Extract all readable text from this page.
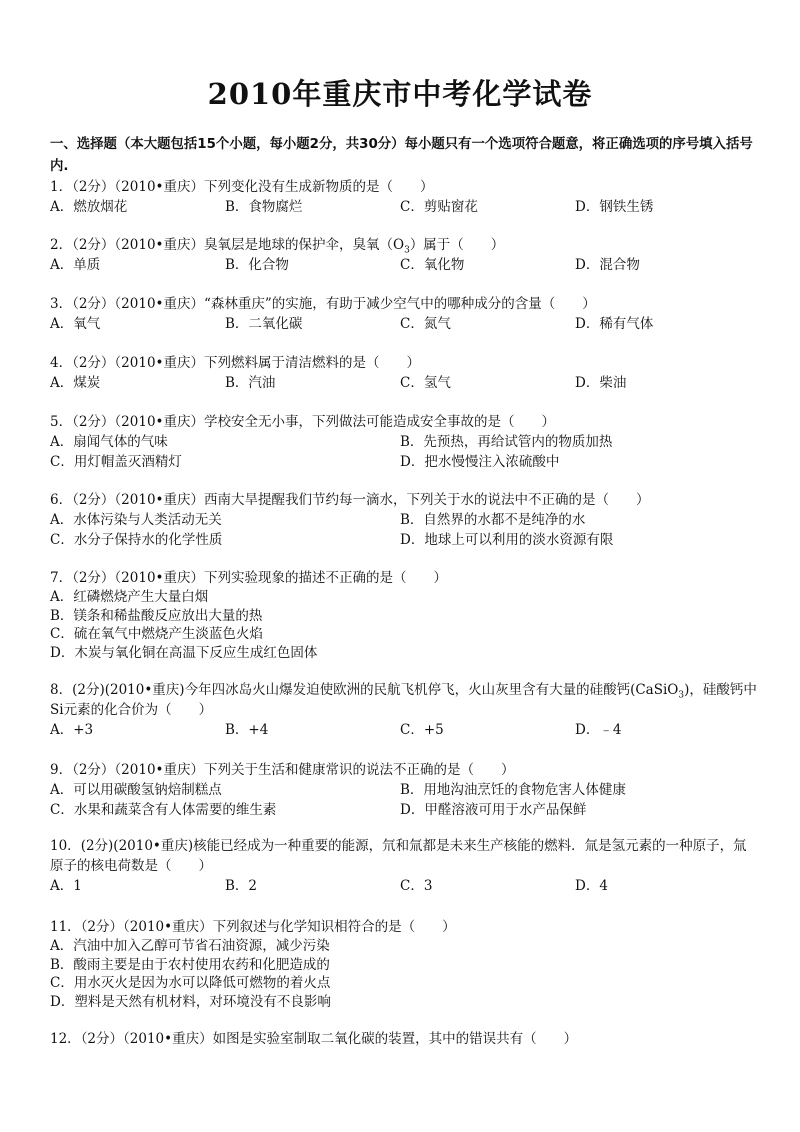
2010年重庆市中考化学试卷
一、选择题（本大题包括15个小题，每小题2分，共30分）每小题只有一个选项符合题意，将正确选项的序号填入括号内.
1．（2分）（2010•重庆）下列变化没有生成新物质的是（　　）
A．燃放烟花	B．食物腐烂	C．剪贴窗花	D．钢铁生锈
2．（2分）（2010•重庆）臭氧层是地球的保护伞，臭氧$(O_3)$属于（　　）
A．单质	B．化合物	C．氧化物	D．混合物
3．（2分）（2010•重庆）“森林重庆”的实施，有助于减少空气中的哪种成分的含量（　　）
A．氧气	B．二氧化碳	C．氮气	D．稀有气体
4．（2分）（2010•重庆）下列燃料属于清洁燃料的是（　　）
A．煤炭	B．汽油	C．氢气	D．柴油
5．（2分）（2010•重庆）学校安全无小事，下列做法可能造成安全事故的是（　　）
A．扇闻气体的气味	B．先预热，再给试管内的物质加热
C．用灯帽盖灭酒精灯	D．把水慢慢注入浓硫酸中
6．（2分）（2010•重庆）西南大旱提醒我们节约每一滴水，下列关于水的说法中不正确的是（　　）
A．水体污染与人类活动无关	B．自然界的水都不是纯净的水
C．水分子保持水的化学性质	D．地球上可以利用的淡水资源有限
7．（2分）（2010•重庆）下列实验现象的描述不正确的是（　　）
A．红磷燃烧产生大量白烟
B．镁条和稀盐酸反应放出大量的热
C．硫在氧气中燃烧产生淡蓝色火焰
D．木炭与氧化铜在高温下反应生成红色固体
8．(2分)(2010•重庆)今年四冰岛火山爆发迫使欧洲的民航飞机停飞，火山灰里含有大量的硅酸钙(CaSiO$_3$)，硅酸钙中Si元素的化合价为（　　）
A．+3	B．+4	C．+5	D．﹣4
9．（2分）（2010•重庆）下列关于生活和健康常识的说法不正确的是（　　）
A．可以用碳酸氢钠焙制糕点	B．用地沟油烹饪的食物危害人体健康
C．水果和蔬菜含有人体需要的维生素	D．甲醛溶液可用于水产品保鲜
10．(2分)(2010•重庆)核能已经成为一种重要的能源，氘和氚都是未来生产核能的燃料．氚是氢元素的一种原子，氚原子的核电荷数是（　　）
A．1	B．2	C．3	D．4
11．（2分）（2010•重庆）下列叙述与化学知识相符合的是（　　）
A．汽油中加入乙醇可节省石油资源，减少污染
B．酸雨主要是由于农村使用农药和化肥造成的
C．用水灭火是因为水可以降低可燃物的着火点
D．塑料是天然有机材料，对环境没有不良影响
12．（2分）（2010•重庆）如图是实验室制取二氧化碳的装置，其中的错误共有（　　）
